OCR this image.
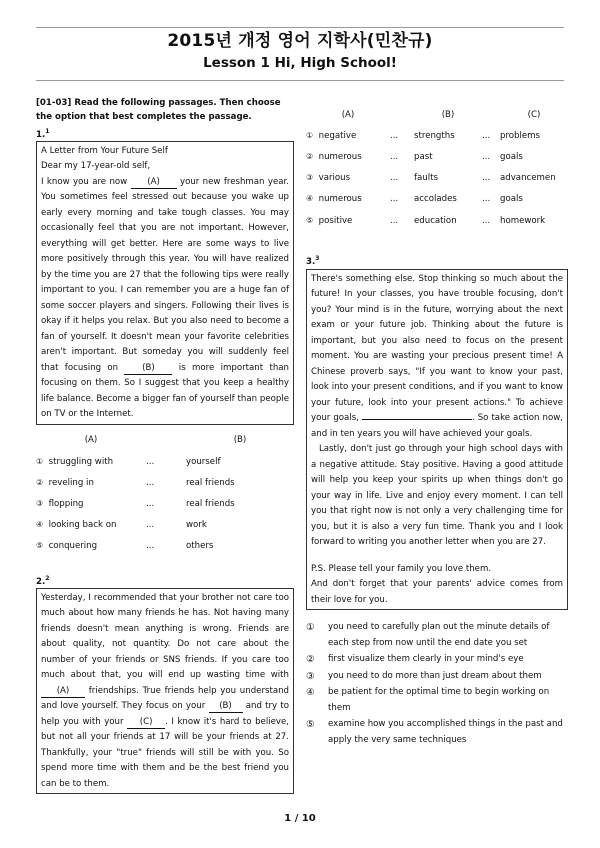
2015년 개정 영어 지학사(민찬규)
Lesson 1 Hi, High School!
[01-03] Read the following passages. Then choose the option that best completes the passage.
1.$^1$
A Letter from Your Future Self
Dear my 17-year-old self,
I know you are now (A) your new freshman year. You sometimes feel stressed out because you wake up early every morning and take tough classes. You may occasionally feel that you are not important. However, everything will get better. Here are some ways to live more positively through this year. You will have realized by the time you are 27 that the following tips were really important to you. I can remember you are a huge fan of some soccer players and singers. Following their lives is okay if it helps you relax. But you also need to become a fan of yourself. It doesn't mean your favorite celebrities aren't important. But someday you will suddenly feel that focusing on (B) is more important than focusing on them. So I suggest that you keep a healthy life balance. Become a bigger fan of yourself than people on TV or the Internet.
(A)		(B)
① struggling with	...	yourself
② reveling in	...	real friends
③ flopping	...	real friends
④ looking back on	...	work
⑤ conquering	...	others
2.$^2$
Yesterday, I recommended that your brother not care too much about how many friends he has. Not having many friends doesn't mean anything is wrong. Friends are about quality, not quantity. Do not care about the number of your friends or SNS friends. If you care too much about that, you will end up wasting time with (A) friendships. True friends help you understand and love yourself. They focus on your (B) and try to help you with your (C) . I know it's hard to believe, but not all your friends at 17 will be your friends at 27. Thankfully, your "true" friends will still be with you. So spend more time with them and be the best friend you can be to them.
(A)		(B)		(C)
① negative	...	strengths	...	problems
② numerous	...	past	...	goals
③ various	...	faults	...	advancemen
④ numerous	...	accolades	...	goals
⑤ positive	...	education	...	homework
3.$^3$
There's something else. Stop thinking so much about the future! In your classes, you have trouble focusing, don't you? Your mind is in the future, worrying about the next exam or your future job. Thinking about the future is important, but you also need to focus on the present moment. You are wasting your precious present time! A Chinese proverb says, "If you want to know your past, look into your present conditions, and if you want to know your future, look into your present actions." To achieve your goals,	. So take action now, and in ten years you will have achieved your goals.
Lastly, don't just go through your high school days with a negative attitude. Stay positive. Having a good attitude will help you keep your spirits up when things don't go your way in life. Live and enjoy every moment. I can tell you that right now is not only a very challenging time for you, but it is also a very fun time. Thank you and I look forward to writing you another letter when you are 27.
P.S. Please tell your family you love them.
And don't forget that your parents' advice comes from their love for you.
①	you need to carefully plan out the minute details of each step from now until the end date you set
②	first visualize them clearly in your mind's eye
③	you need to do more than just dream about them
④	be patient for the optimal time to begin working on them
⑤	examine how you accomplished things in the past and apply the very same techniques
1 / 10
